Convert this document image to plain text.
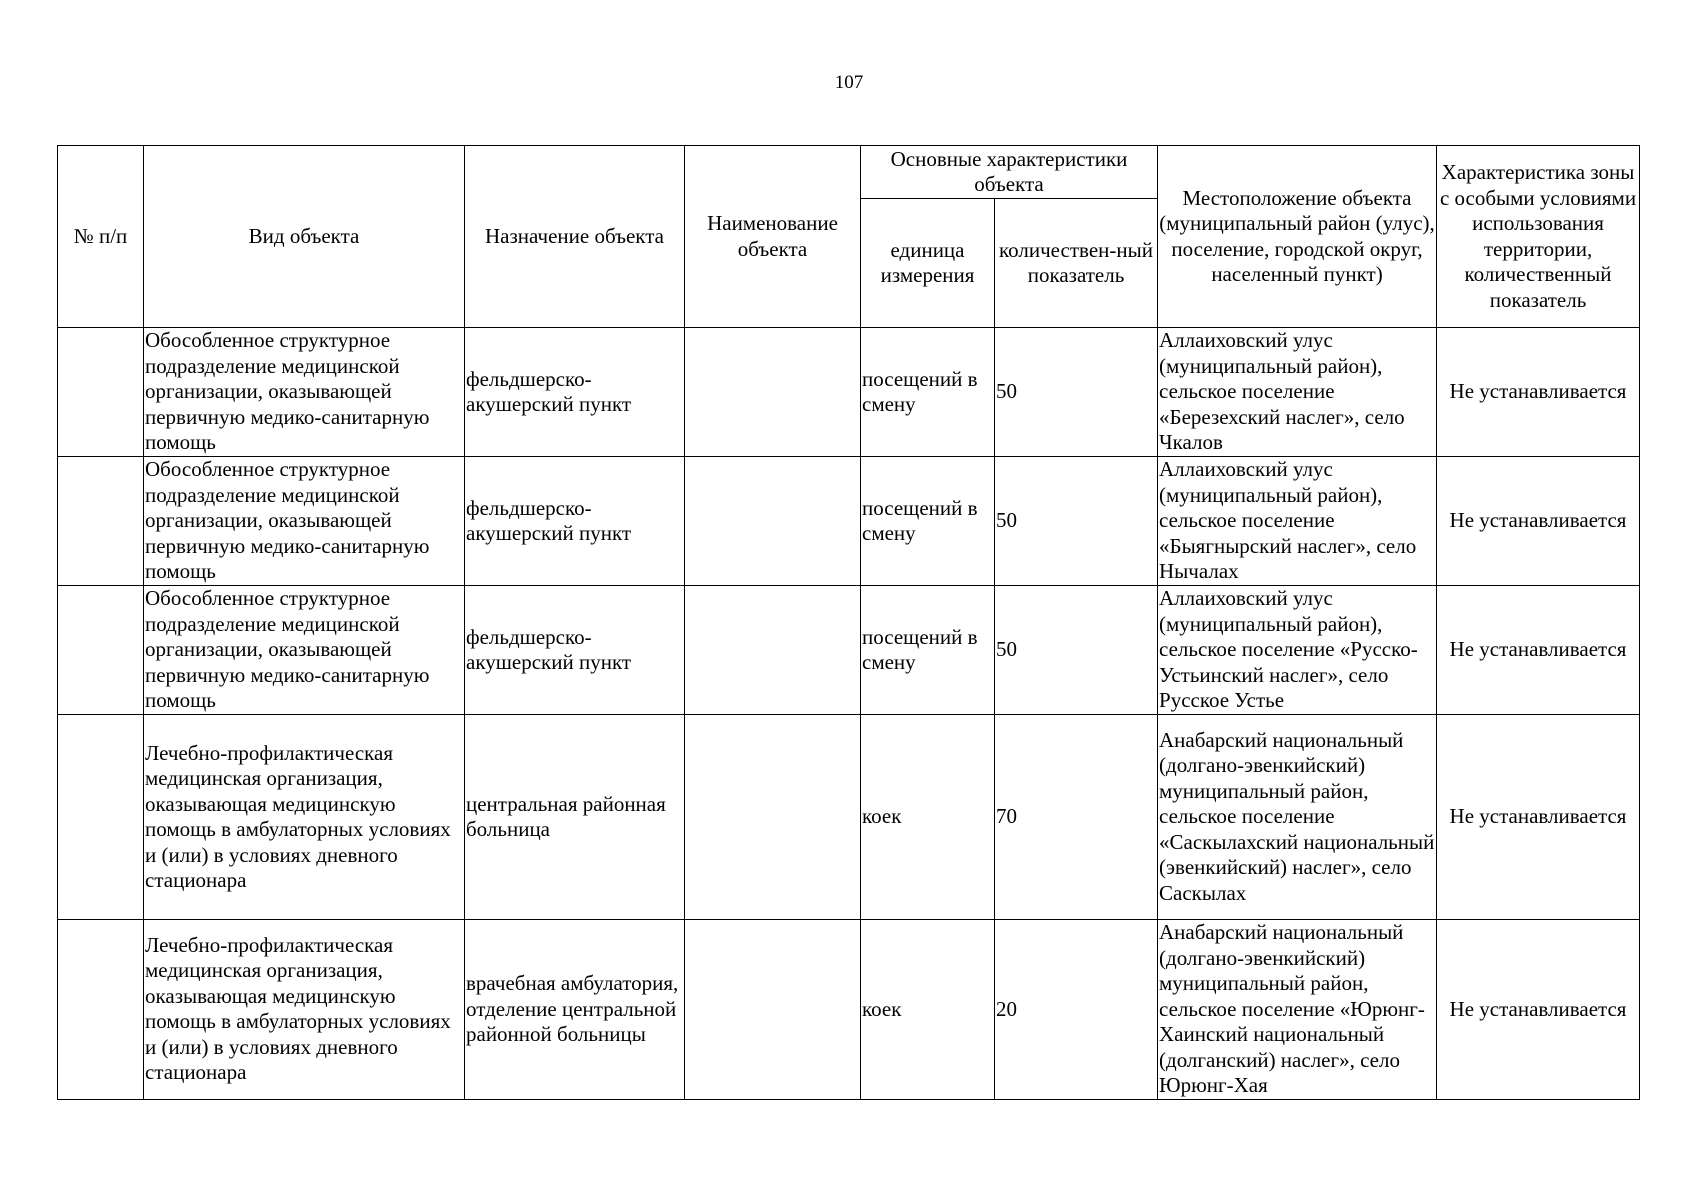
107
№ п/п	Вид объекта	Назначение объекта	Наименование объекта	Основные характеристики объекта		Местоположение объекта (муниципальный район (улус), поселение, городской округ, населенный пункт)	Характеристика зоны с особыми условиями использования территории, количественный показатель
				единица измерения	количествен-ный показатель		
	Обособленное структурное подразделение медицинской организации, оказывающей первичную медико-санитарную помощь	фельдшерско-акушерский пункт		посещений в смену	50	Аллаиховский улус (муниципальный район), сельское поселение «Березехский наслег», село Чкалов	Не устанавливается
	Обособленное структурное подразделение медицинской организации, оказывающей первичную медико-санитарную помощь	фельдшерско-акушерский пункт		посещений в смену	50	Аллаиховский улус (муниципальный район), сельское поселение «Быягнырский наслег», село Нычалах	Не устанавливается
	Обособленное структурное подразделение медицинской организации, оказывающей первичную медико-санитарную помощь	фельдшерско-акушерский пункт		посещений в смену	50	Аллаиховский улус (муниципальный район), сельское поселение «Русско-Устьинский наслег», село Русское Устье	Не устанавливается
	Лечебно-профилактическая медицинская организация, оказывающая медицинскую помощь в амбулаторных условиях и (или) в условиях дневного стационара	центральная районная больница		коек	70	Анабарский национальный (долгано-эвенкийский) муниципальный район, сельское поселение «Саскылахский национальный (эвенкийский) наслег», село Саскылах	Не устанавливается
	Лечебно-профилактическая медицинская организация, оказывающая медицинскую помощь в амбулаторных условиях и (или) в условиях дневного стационара	врачебная амбулатория, отделение центральной районной больницы		коек	20	Анабарский национальный (долгано-эвенкийский) муниципальный район, сельское поселение «Юрюнг-Хаинский национальный (долганский) наслег», село Юрюнг-Хая	Не устанавливается
